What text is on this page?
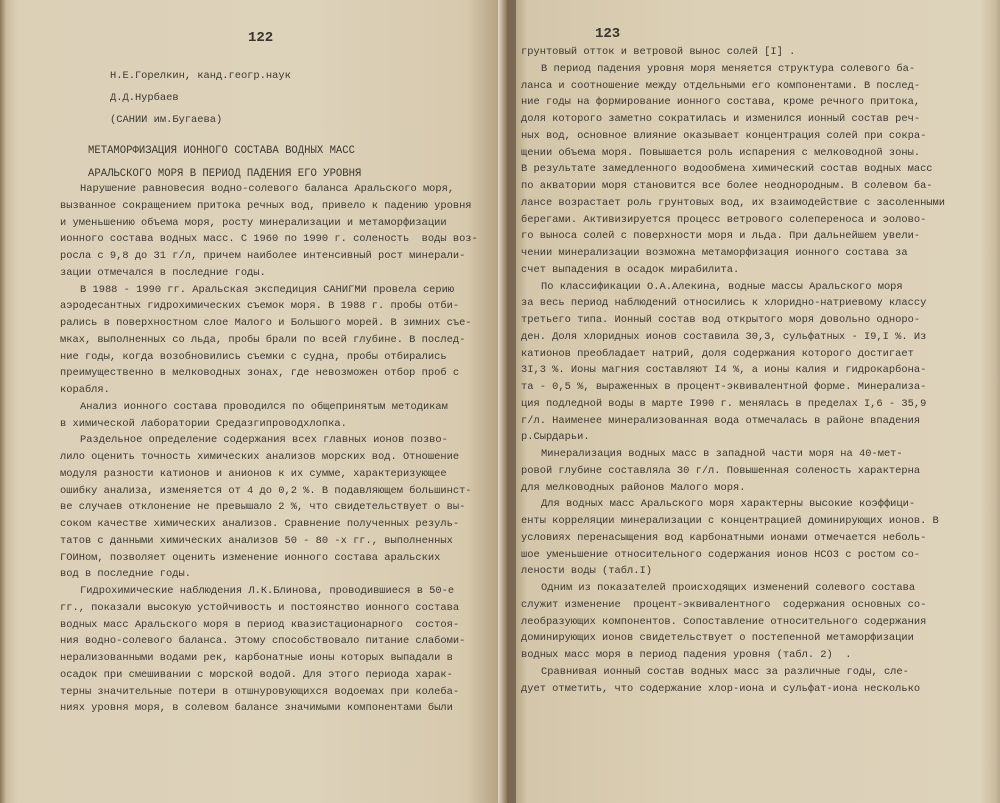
122
Н.Е.Горелкин, канд.геогр.наук
Д.Д.Нурбаев
(САНИИ им.Бугаева)
МЕТАМОРФИЗАЦИЯ ИОННОГО СОСТАВА ВОДНЫХ МАСС
АРАЛЬСКОГО МОРЯ В ПЕРИОД ПАДЕНИЯ ЕГО УРОВНЯ
Нарушение равновесия водно-солевого баланса Аральского моря,
вызванное сокращением притока речных вод, привело к падению уровня
и уменьшению объема моря, росту минерализации и метаморфизации
ионного состава водных масс. С 1960 по 1990 г. соленость  воды воз-
росла с 9,8 до 31 г/л, причем наиболее интенсивный рост минерали-
зации отмечался в последние годы.
В 1988 - 1990 гг. Аральская экспедиция САНИГМИ провела серию
аэродесантных гидрохимических съемок моря. В 1988 г. пробы отби-
рались в поверхностном слое Малого и Большого морей. В зимних съе-
мках, выполненных со льда, пробы брали по всей глубине. В послед-
ние годы, когда возобновились съемки с судна, пробы отбирались
преимущественно в мелководных зонах, где невозможен отбор проб с
корабля.
Анализ ионного состава проводился по общепринятым методикам
в химической лаборатории Средазгипроводхлопка.
Раздельное определение содержания всех главных ионов позво-
лило оценить точность химических анализов морских вод. Отношение
модуля разности катионов и анионов к их сумме, характеризующее
ошибку анализа, изменяется от 4 до 0,2 %. В подавляющем большинст-
ве случаев отклонение не превышало 2 %, что свидетельствует о вы-
соком качестве химических анализов. Сравнение полученных резуль-
татов с данными химических анализов 50 - 80 -х гг., выполненных
ГОИНом, позволяет оценить изменение ионного состава аральских
вод в последние годы.
Гидрохимические наблюдения Л.К.Блинова, проводившиеся в 50-е
гг., показали высокую устойчивость и постоянство ионного состава
водных масс Аральского моря в период квазистационарного  состоя-
ния водно-солевого баланса. Этому способствовало питание слабоми-
нерализованными водами рек, карбонатные ионы которых выпадали в
осадок при смешивании с морской водой. Для этого периода харак-
терны значительные потери в отшнуровующихся водоемах при колеба-
ниях уровня моря, в солевом балансе значимыми компонентами были
123
грунтовый отток и ветровой вынос солей [I] .
В период падения уровня моря меняется структура солевого ба-
ланса и соотношение между отдельными его компонентами. В послед-
ние годы на формирование ионного состава, кроме речного притока,
доля которого заметно сократилась и изменился ионный состав реч-
ных вод, основное влияние оказывает концентрация солей при сокра-
щении объема моря. Повышается роль испарения с мелководной зоны.
В результате замедленного водообмена химический состав водных масс
по акватории моря становится все более неоднородным. В солевом ба-
лансе возрастает роль грунтовых вод, их взаимодействие с засоленными
берегами. Активизируется процесс ветрового солепереноса и эолово-
го выноса солей с поверхности моря и льда. При дальнейшем увели-
чении минерализации возможна метаморфизация ионного состава за
счет выпадения в осадок мирабилита.
По классификации О.А.Алекина, водные массы Аральского моря
за весь период наблюдений относились к хлоридно-натриевому классу
третьего типа. Ионный состав вод открытого моря довольно одноро-
ден. Доля хлоридных ионов составила 30,3, сульфатных - I9,I %. Из
катионов преобладает натрий, доля содержания которого достигает
3I,3 %. Ионы магния составляют I4 %, а ионы калия и гидрокарбона-
та - 0,5 %, выраженных в процент-эквивалентной форме. Минерализа-
ция подледной воды в марте I990 г. менялась в пределах I,6 - 35,9
г/л. Наименее минерализованная вода отмечалась в районе впадения
р.Сырдарьи.
Минерализация водных масс в западной части моря на 40-мет-
ровой глубине составляла 30 г/л. Повышенная соленость характерна
для мелководных районов Малого моря.
Для водных масс Аральского моря характерны высокие коэффици-
енты корреляции минерализации с концентрацией доминирующих ионов. В
условиях перенасыщения вод карбонатными ионами отмечается неболь-
шое уменьшение относительного содержания ионов НСО3 с ростом со-
лености воды (табл.I)
Одним из показателей происходящих изменений солевого состава
служит изменение  процент-эквивалентного  содержания основных со-
леобразующих компонентов. Сопоставление относительного содержания
доминирующих ионов свидетельствует о постепенной метаморфизации
водных масс моря в период падения уровня (табл. 2)  .
Сравнивая ионный состав водных масс за различные годы, сле-
дует отметить, что содержание хлор-иона и сульфат-иона несколько
